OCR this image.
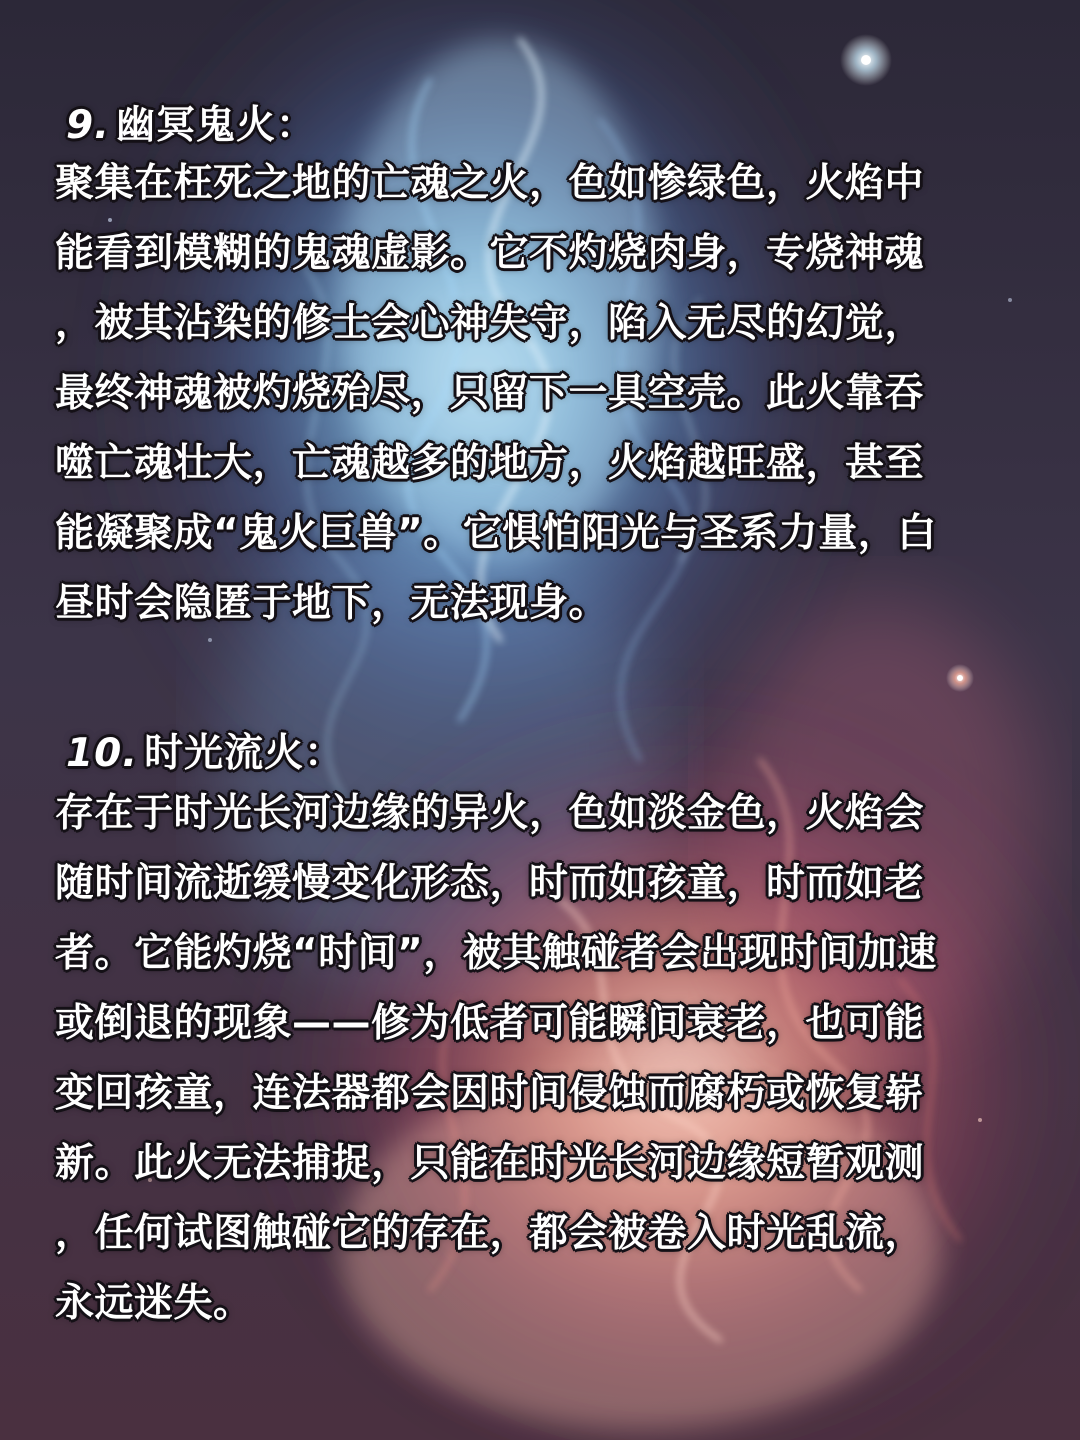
9. 幽冥鬼火：
聚集在枉死之地的亡魂之火，色如惨绿色，火焰中
能看到模糊的鬼魂虚影。它不灼烧肉身，专烧神魂
，被其沾染的修士会心神失守，陷入无尽的幻觉，
最终神魂被灼烧殆尽，只留下一具空壳。此火靠吞
噬亡魂壮大，亡魂越多的地方，火焰越旺盛，甚至
能凝聚成“鬼火巨兽”。它惧怕阳光与圣系力量，白
昼时会隐匿于地下，无法现身。
10. 时光流火：
存在于时光长河边缘的异火，色如淡金色，火焰会
随时间流逝缓慢变化形态，时而如孩童，时而如老
者。它能灼烧“时间”，被其触碰者会出现时间加速
或倒退的现象——修为低者可能瞬间衰老，也可能
变回孩童，连法器都会因时间侵蚀而腐朽或恢复崭
新。此火无法捕捉，只能在时光长河边缘短暂观测
，任何试图触碰它的存在，都会被卷入时光乱流，
永远迷失。
